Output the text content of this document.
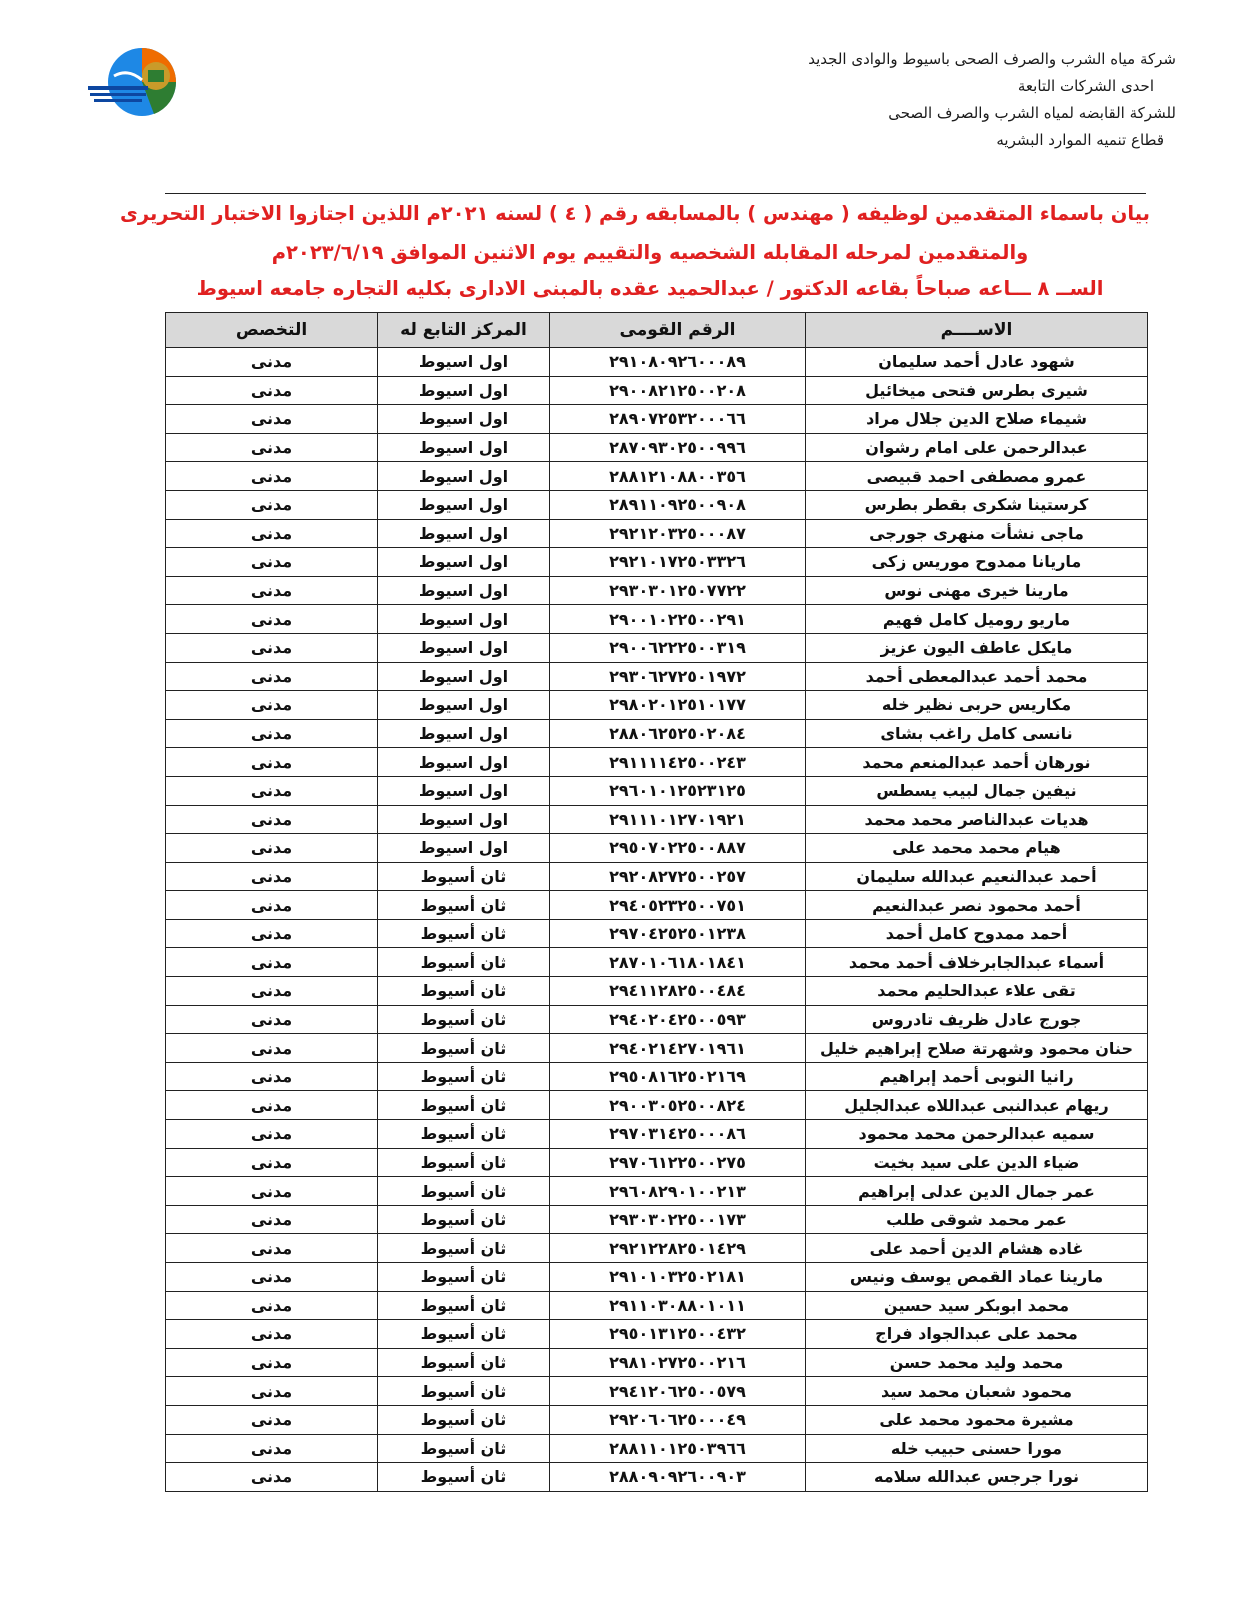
شركة مياه الشرب والصرف الصحى باسيوط والوادى الجديد
احدى الشركات التابعة
للشركة القابضه لمياه الشرب والصرف الصحى
قطاع تنميه الموارد البشريه
بيان باسماء المتقدمين لوظيفه ( مهندس ) بالمسابقه رقم ( ٤ ) لسنه ٢٠٢١م اللذين اجتازوا الاختبار التحريرى
والمتقدمين لمرحله المقابله الشخصيه والتقييم يوم الاثنين الموافق ٢٠٢٣/٦/١٩م
الســ ٨ ـــاعه صباحاً بقاعه الدكتور / عبدالحميد عقده بالمبنى الادارى بكليه التجاره جامعه اسيوط
الاســــم	الرقم القومى	المركز التابع له	التخصص
شهود عادل أحمد سليمان	٢٩١٠٨٠٩٢٦٠٠٠٨٩	اول اسيوط	مدنى
شيرى بطرس فتحى ميخائيل	٢٩٠٠٨٢١٢٥٠٠٢٠٨	اول اسيوط	مدنى
شيماء صلاح الدين جلال مراد	٢٨٩٠٧٢٥٣٢٠٠٠٦٦	اول اسيوط	مدنى
عبدالرحمن على امام رشوان	٢٨٧٠٩٣٠٢٥٠٠٩٩٦	اول اسيوط	مدنى
عمرو مصطفى احمد قبيصى	٢٨٨١٢١٠٨٨٠٠٣٥٦	اول اسيوط	مدنى
كرستينا شكرى بقطر بطرس	٢٨٩١١٠٩٢٥٠٠٩٠٨	اول اسيوط	مدنى
ماجى نشأت منهرى جورجى	٢٩٢١٢٠٣٢٥٠٠٠٨٧	اول اسيوط	مدنى
ماريانا ممدوح موريس زكى	٢٩٢١٠١٧٢٥٠٣٣٢٦	اول اسيوط	مدنى
مارينا خيرى مهنى نوس	٢٩٣٠٣٠١٢٥٠٧٧٢٢	اول اسيوط	مدنى
ماريو روميل كامل فهيم	٢٩٠٠١٠٢٢٥٠٠٢٩١	اول اسيوط	مدنى
مايكل عاطف اليون عزيز	٢٩٠٠٦٢٢٢٥٠٠٣١٩	اول اسيوط	مدنى
محمد أحمد عبدالمعطى أحمد	٢٩٣٠٦٢٧٢٥٠١٩٧٢	اول اسيوط	مدنى
مكاريس حربى نظير خله	٢٩٨٠٢٠١٢٥١٠١٧٧	اول اسيوط	مدنى
نانسى كامل راغب بشاى	٢٨٨٠٦٢٥٢٥٠٢٠٨٤	اول اسيوط	مدنى
نورهان أحمد عبدالمنعم محمد	٢٩١١١١٤٢٥٠٠٢٤٣	اول اسيوط	مدنى
نيفين جمال لبيب يسطس	٢٩٦٠١٠١٢٥٢٣١٢٥	اول اسيوط	مدنى
هديات عبدالناصر محمد محمد	٢٩١١١٠١٢٧٠١٩٢١	اول اسيوط	مدنى
هيام محمد محمد على	٢٩٥٠٧٠٢٢٥٠٠٨٨٧	اول اسيوط	مدنى
أحمد عبدالنعيم عبدالله سليمان	٢٩٢٠٨٢٧٢٥٠٠٢٥٧	ثان أسيوط	مدنى
أحمد محمود نصر عبدالنعيم	٢٩٤٠٥٢٣٢٥٠٠٧٥١	ثان أسيوط	مدنى
أحمد ممدوح كامل أحمد	٢٩٧٠٤٢٥٢٥٠١٢٣٨	ثان أسيوط	مدنى
أسماء عبدالجابرخلاف أحمد محمد	٢٨٧٠١٠٦١٨٠١٨٤١	ثان أسيوط	مدنى
تقى علاء عبدالحليم محمد	٢٩٤١١٢٨٢٥٠٠٤٨٤	ثان أسيوط	مدنى
جورج عادل ظريف تادروس	٢٩٤٠٢٠٤٢٥٠٠٥٩٣	ثان أسيوط	مدنى
حنان محمود وشهرتة صلاح إبراهيم خليل	٢٩٤٠٢١٤٢٧٠١٩٦١	ثان أسيوط	مدنى
رانيا النوبى أحمد إبراهيم	٢٩٥٠٨١٦٢٥٠٢١٦٩	ثان أسيوط	مدنى
ريهام عبدالنبى عبداللاه عبدالجليل	٢٩٠٠٣٠٥٢٥٠٠٨٢٤	ثان أسيوط	مدنى
سميه عبدالرحمن محمد محمود	٢٩٧٠٣١٤٢٥٠٠٠٨٦	ثان أسيوط	مدنى
ضياء الدين على سيد بخيت	٢٩٧٠٦١٢٢٥٠٠٢٧٥	ثان أسيوط	مدنى
عمر جمال الدين عدلى إبراهيم	٢٩٦٠٨٢٩٠١٠٠٢١٣	ثان أسيوط	مدنى
عمر محمد شوقى طلب	٢٩٣٠٣٠٢٢٥٠٠١٧٣	ثان أسيوط	مدنى
غاده هشام الدين أحمد على	٢٩٢١٢٢٨٢٥٠١٤٢٩	ثان أسيوط	مدنى
مارينا عماد القمص يوسف ونيس	٢٩١٠١٠٣٢٥٠٢١٨١	ثان أسيوط	مدنى
محمد ابوبكر سيد حسين	٢٩١١٠٣٠٨٨٠١٠١١	ثان أسيوط	مدنى
محمد على عبدالجواد فراج	٢٩٥٠١٣١٢٥٠٠٤٣٢	ثان أسيوط	مدنى
محمد وليد محمد حسن	٢٩٨١٠٢٧٢٥٠٠٢١٦	ثان أسيوط	مدنى
محمود شعبان محمد سيد	٢٩٤١٢٠٦٢٥٠٠٥٧٩	ثان أسيوط	مدنى
مشيرة محمود محمد على	٢٩٢٠٦٠٦٢٥٠٠٠٤٩	ثان أسيوط	مدنى
مورا حسنى حبيب خله	٢٨٨١١٠١٢٥٠٣٩٦٦	ثان أسيوط	مدنى
نورا جرجس عبدالله سلامه	٢٨٨٠٩٠٩٢٦٠٠٩٠٣	ثان أسيوط	مدنى
